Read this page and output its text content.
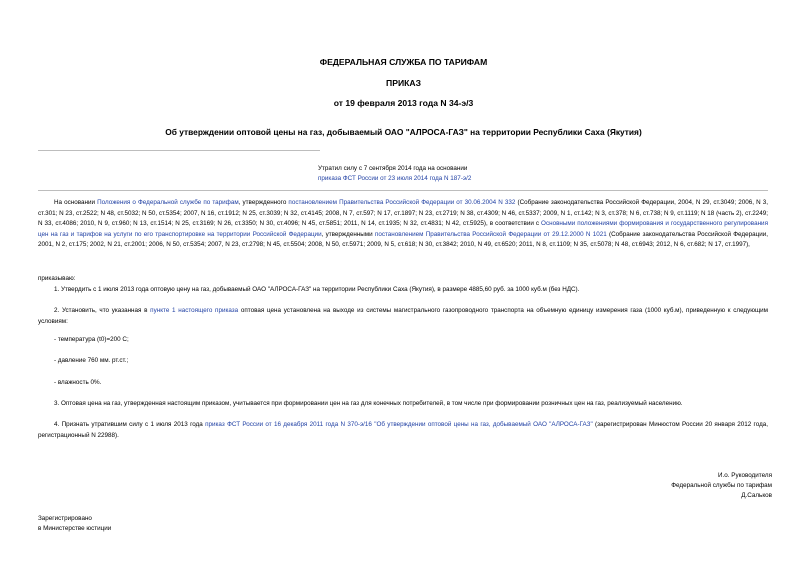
ФЕДЕРАЛЬНАЯ СЛУЖБА ПО ТАРИФАМ
ПРИКАЗ
от 19 февраля 2013 года N 34-э/3
Об утверждении оптовой цены на газ, добываемый ОАО "АЛРОСА-ГАЗ" на территории Республики Саха (Якутия)
Утратил силу с 7 сентября 2014 года на основании
приказа ФСТ России от 23 июля 2014 года N 187-э/2
На основании Положения о Федеральной службе по тарифам, утвержденного постановлением Правительства Российской Федерации от 30.06.2004 N 332 (Собрание законодательства Российской Федерации, 2004, N 29, ст.3049; 2006, N 3, ст.301; N 23, ст.2522; N 48, ст.5032; N 50, ст.5354; 2007, N 16, ст.1912; N 25, ст.3039; N 32, ст.4145; 2008, N 7, ст.597; N 17, ст.1897; N 23, ст.2719; N 38, ст.4309; N 46, ст.5337; 2009, N 1, ст.142; N 3, ст.378; N 6, ст.738; N 9, ст.1119; N 18 (часть 2), ст.2249; N 33, ст.4086; 2010, N 9, ст.960; N 13, ст.1514; N 25, ст.3169; N 26, ст.3350; N 30, ст.4096; N 45, ст.5851; 2011, N 14, ст.1935; N 32, ст.4831; N 42, ст.5925), в соответствии с Основными положениями формирования и государственного регулирования цен на газ и тарифов на услуги по его транспортировке на территории Российской Федерации, утвержденными постановлением Правительства Российской Федерации от 29.12.2000 N 1021 (Собрание законодательства Российской Федерации, 2001, N 2, ст.175; 2002, N 21, ст.2001; 2006, N 50, ст.5354; 2007, N 23, ст.2798; N 45, ст.5504; 2008, N 50, ст.5971; 2009, N 5, ст.618; N 30, ст.3842; 2010, N 49, ст.6520; 2011, N 8, ст.1109; N 35, ст.5078; N 48, ст.6943; 2012, N 6, ст.682; N 17, ст.1997),
приказываю:
1. Утвердить с 1 июля 2013 года оптовую цену на газ, добываемый ОАО "АЛРОСА-ГАЗ" на территории Республики Саха (Якутия), в размере 4885,60 руб. за 1000 куб.м (без НДС).
2. Установить, что указанная в пункте 1 настоящего приказа оптовая цена установлена на выходе из системы магистрального газопроводного транспорта на объемную единицу измерения газа (1000 куб.м), приведенную к следующим условиям:
- температура (t0)=200 C;
- давление 760 мм. рт.ст.;
- влажность 0%.
3. Оптовая цена на газ, утвержденная настоящим приказом, учитывается при формировании цен на газ для конечных потребителей, в том числе при формировании розничных цен на газ, реализуемый населению.
4. Признать утратившим силу с 1 июля 2013 года приказ ФСТ России от 16 декабря 2011 года N 370-э/16 "Об утверждении оптовой цены на газ, добываемый ОАО "АЛРОСА-ГАЗ" (зарегистрирован Минюстом России 20 января 2012 года, регистрационный N 22988).
И.о. Руководителя
Федеральной службы по тарифам
Д.Сальков
Зарегистрировано
в Министерстве юстиции
